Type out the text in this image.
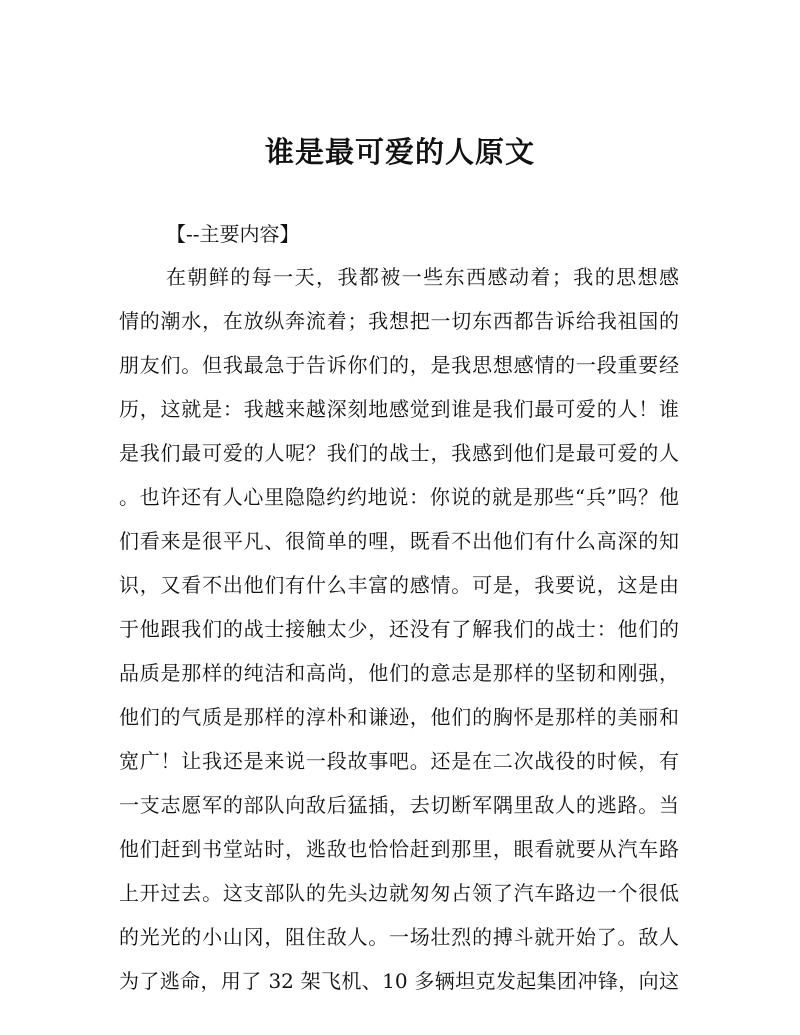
谁是最可爱的人原文

【--主要内容】

在朝鲜的每一天，我都被一些东西感动着；我的思想感
情的潮水，在放纵奔流着；我想把一切东西都告诉给我祖国的
朋友们。但我最急于告诉你们的，是我思想感情的一段重要经
历，这就是：我越来越深刻地感觉到谁是我们最可爱的人！谁
是我们最可爱的人呢？我们的战士，我感到他们是最可爱的人
。也许还有人心里隐隐约约地说：你说的就是那些“兵”吗？他
们看来是很平凡、很简单的哩，既看不出他们有什么高深的知
识，又看不出他们有什么丰富的感情。可是，我要说，这是由
于他跟我们的战士接触太少，还没有了解我们的战士：他们的
品质是那样的纯洁和高尚，他们的意志是那样的坚韧和刚强，
他们的气质是那样的淳朴和谦逊，他们的胸怀是那样的美丽和
宽广！让我还是来说一段故事吧。还是在二次战役的时候，有
一支志愿军的部队向敌后猛插，去切断军隅里敌人的逃路。当
他们赶到书堂站时，逃敌也恰恰赶到那里，眼看就要从汽车路
上开过去。这支部队的先头边就匆匆占领了汽车路边一个很低
的光光的小山冈，阻住敌人。一场壮烈的搏斗就开始了。敌人
为了逃命，用了 32 架飞机、10 多辆坦克发起集团冲锋，向这
